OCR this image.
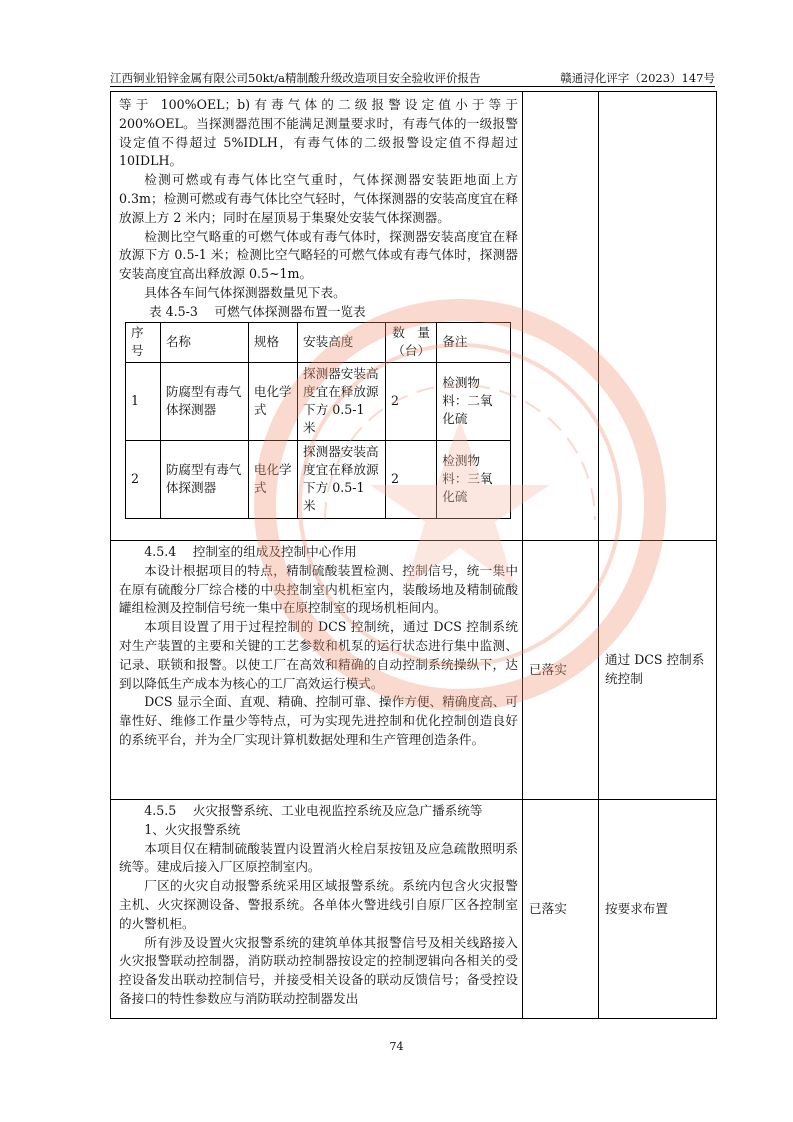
江西铜业铅锌金属有限公司50kt/a精制酸升级改造项目安全验收评价报告	赣通浔化评字（2023）147号

等于 100%OEL；b)有毒气体的二级报警设定值小于等于 200%OEL。当探测器范围不能满足测量要求时，有毒气体的一级报警设定值不得超过 5%IDLH，有毒气体的二级报警设定值不得超过 10IDLH。

检测可燃或有毒气体比空气重时，气体探测器安装距地面上方 0.3m；检测可燃或有毒气体比空气轻时，气体探测器的安装高度宜在释放源上方 2 米内；同时在屋顶易于集聚处安装气体探测器。

检测比空气略重的可燃气体或有毒气体时，探测器安装高度宜在释放源下方 0.5-1 米；检测比空气略轻的可燃气体或有毒气体时，探测器安装高度宜高出释放源 0.5~1m。

具体各车间气体探测器数量见下表。

表 4.5-3　 可燃气体探测器布置一览表

序号	名称	规格	安装高度	数　量（台）	备注
1	防腐型有毒气体探测器	电化学式	探测器安装高度宜在释放源下方 0.5-1 米	2	检测物料：二氧化硫
2	防腐型有毒气体探测器	电化学式	探测器安装高度宜在释放源下方 0.5-1 米	2	检测物料：三氧化硫

4.5.4　 控制室的组成及控制中心作用

本设计根据项目的特点，精制硫酸装置检测、控制信号，统一集中在原有硫酸分厂综合楼的中央控制室内机柜室内，装酸场地及精制硫酸罐组检测及控制信号统一集中在原控制室的现场机柜间内。

本项目设置了用于过程控制的 DCS 控制统，通过 DCS 控制系统对生产装置的主要和关键的工艺参数和机泵的运行状态进行集中监测、记录、联锁和报警。以使工厂在高效和精确的自动控制系统操纵下，达到以降低生产成本为核心的工厂高效运行模式。

DCS 显示全面、直观、精确、控制可靠、操作方便、精确度高、可靠性好、维修工作量少等特点，可为实现先进控制和优化控制创造良好的系统平台，并为全厂实现计算机数据处理和生产管理创造条件。

	已落实	通过 DCS 控制系统控制

4.5.5　 火灾报警系统、工业电视监控系统及应急广播系统等

1、火灾报警系统

本项目仅在精制硫酸装置内设置消火栓启泵按钮及应急疏散照明系统等。建成后接入厂区原控制室内。

厂区的火灾自动报警系统采用区域报警系统。系统内包含火灾报警主机、火灾探测设备、警报系统。各单体火警进线引自原厂区各控制室的火警机柜。

所有涉及设置火灾报警系统的建筑单体其报警信号及相关线路接入火灾报警联动控制器，消防联动控制器按设定的控制逻辑向各相关的受控设备发出联动控制信号，并接受相关设备的联动反馈信号；备受控设备接口的特性参数应与消防联动控制器发出

	已落实	按要求布置
74
